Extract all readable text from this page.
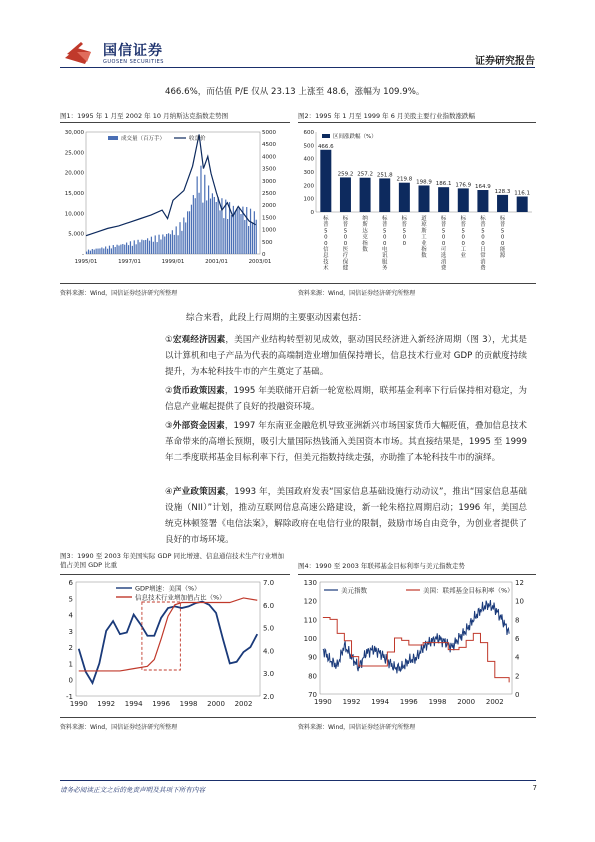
国信证券
GUOSEN SECURITIES	证券研究报告
466.6%，而估值 P/E 仅从 23.13 上涨至 48.6，涨幅为 109.9%。
图1：1995 年 1 月至 2002 年 10 月纳斯达克指数走势图
-
5,000
10,000
15,000
20,000
25,000
30,000
0
500
1000
1500
2000
2500
3000
3500
4000
4500
5000
1995/01	1997/01	1999/01	2001/01	2003/01
成交量（百万手）	收盘价
图2：1995 年 1 月至 1999 年 6 月美股主要行业指数涨跌幅
0
100
200
300
400
500
600
区间涨跌幅（%）
466.6
259.2 257.2 251.8
219.8 198.9 186.1 176.9 164.9
128.3 116.1
标普 5 0 0 信息技术
标普 5 0 0 医疗保健
纳斯达克指数
标普 5 0 0 电讯服务
标普 5 0 0
道琼斯工业指数
标普 5 0 0 可选消费
标普 5 0 0 工业
标普 5 0 0 日常消费
标普 5 0 0 能源
资料来源：Wind，国信证券经济研究所整理	资料来源：Wind，国信证券经济研究所整理
综合来看，此段上行周期的主要驱动因素包括：
①宏观经济因素，美国产业结构转型初见成效，驱动国民经济进入新经济周期（图 3），尤其是以计算机和电子产品为代表的高端制造业增加值保持增长，信息技术行业对 GDP 的贡献度持续提升，为本轮科技牛市的产生奠定了基础。
②货币政策因素，1995 年美联储开启新一轮宽松周期，联邦基金利率下行后保持相对稳定，为信息产业崛起提供了良好的投融资环境。
③外部资金因素，1997 年东南亚金融危机导致亚洲新兴市场国家货币大幅贬值，叠加信息技术革命带来的高增长预期，吸引大量国际热钱涌入美国资本市场。其直接结果是，1995 至 1999 年二季度联邦基金目标利率下行，但美元指数持续走强，亦助推了本轮科技牛市的演绎。
④产业政策因素，1993 年，美国政府发表“国家信息基础设施行动动议”，推出“国家信息基础设施（NII）”计划，推动互联网信息高速公路建设，新一轮朱格拉周期启动；1996 年，美国总统克林顿签署《电信法案》，解除政府在电信行业的限制，鼓励市场自由竞争，为创业者提供了良好的市场环境。
图3：1990 至 2003 年美国实际 GDP 同比增速、信息通信技术生产行业增加值占美国 GDP 比重
-1
0
1
2
3
4
5
6
2.0
3.0
4.0
5.0
6.0
7.0
1990 1992 1994 1996 1998 2000 2002
GDP增速：美国（%）
信息技术行业增加值占比（%）
图4：1990 至 2003 年联邦基金目标利率与美元指数走势
70
80
90
100
110
120
130
0
2
4
6
8
10
12
1990 1992 1994 1996 1998 2000 2002
美元指数	美国：联邦基金目标利率（%）
资料来源：Wind，国信证券经济研究所整理	资料来源：Wind，国信证券经济研究所整理
请务必阅读正文之后的免责声明及其项下所有内容	7
